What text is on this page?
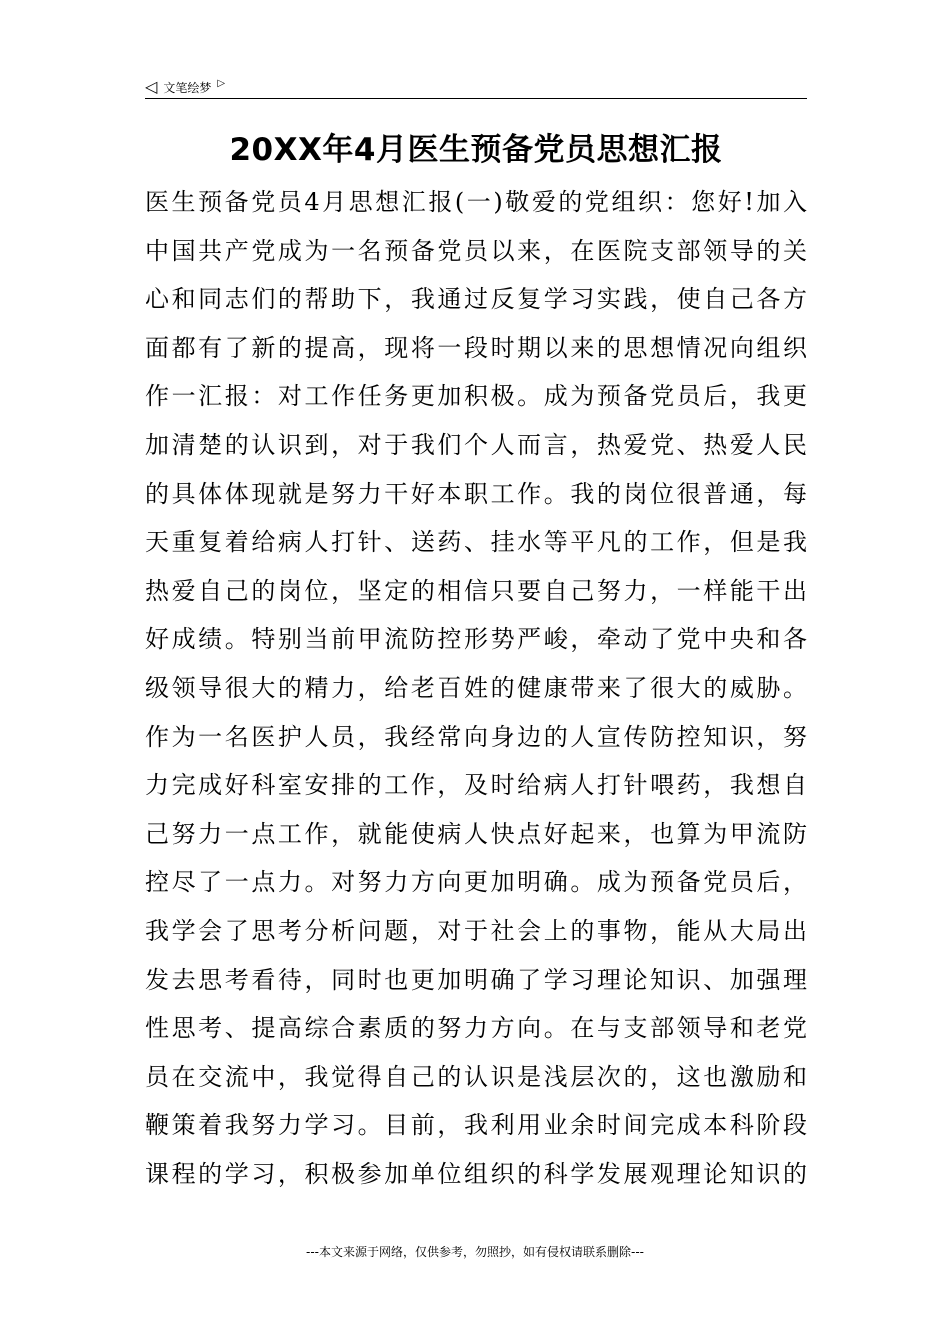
◁ 文笔绘梦 ▷
20XX年4月医生预备党员思想汇报
医生预备党员4月思想汇报(一)敬爱的党组织：您好!加入
中国共产党成为一名预备党员以来，在医院支部领导的关
心和同志们的帮助下，我通过反复学习实践，使自己各方
面都有了新的提高，现将一段时期以来的思想情况向组织
作一汇报：对工作任务更加积极。成为预备党员后，我更
加清楚的认识到，对于我们个人而言，热爱党、热爱人民
的具体体现就是努力干好本职工作。我的岗位很普通，每
天重复着给病人打针、送药、挂水等平凡的工作，但是我
热爱自己的岗位，坚定的相信只要自己努力，一样能干出
好成绩。特别当前甲流防控形势严峻，牵动了党中央和各
级领导很大的精力，给老百姓的健康带来了很大的威胁。
作为一名医护人员，我经常向身边的人宣传防控知识，努
力完成好科室安排的工作，及时给病人打针喂药，我想自
己努力一点工作，就能使病人快点好起来，也算为甲流防
控尽了一点力。对努力方向更加明确。成为预备党员后，
我学会了思考分析问题，对于社会上的事物，能从大局出
发去思考看待，同时也更加明确了学习理论知识、加强理
性思考、提高综合素质的努力方向。在与支部领导和老党
员在交流中，我觉得自己的认识是浅层次的，这也激励和
鞭策着我努力学习。目前，我利用业余时间完成本科阶段
课程的学习，积极参加单位组织的科学发展观理论知识的
---本文来源于网络，仅供参考，勿照抄，如有侵权请联系删除---
